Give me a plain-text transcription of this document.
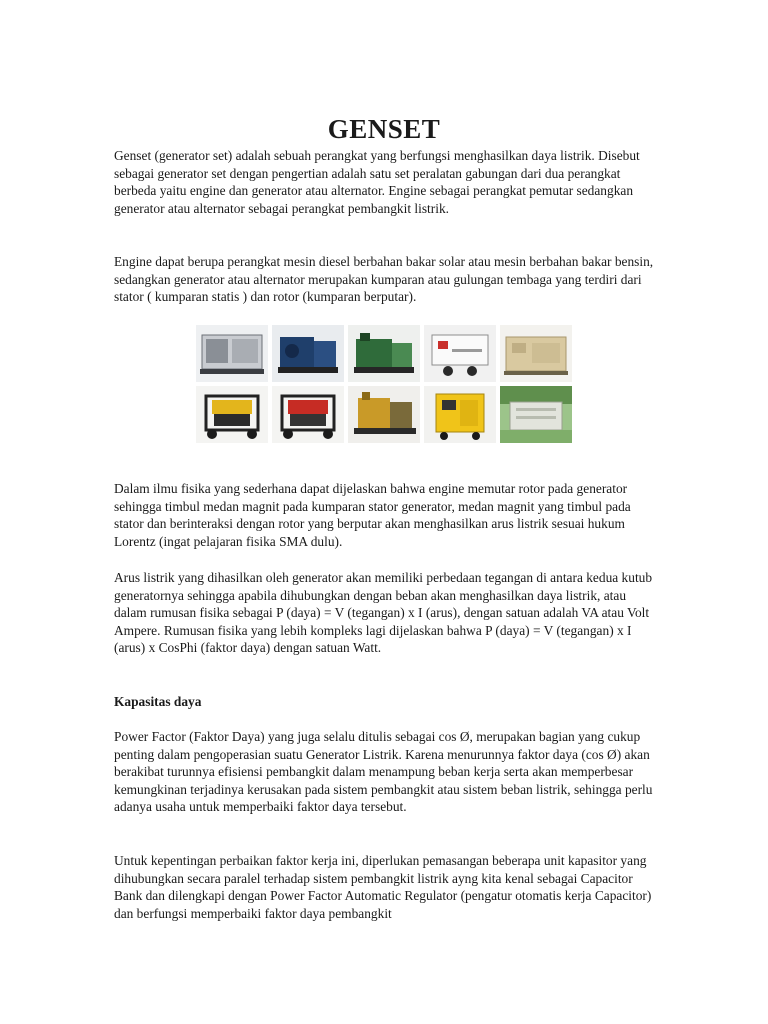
GENSET

Genset (generator set) adalah sebuah perangkat yang berfungsi menghasilkan daya listrik. Disebut sebagai generator set dengan pengertian adalah satu set peralatan gabungan dari dua perangkat berbeda yaitu engine dan generator atau alternator. Engine sebagai perangkat pemutar sedangkan generator atau alternator sebagai perangkat pembangkit listrik.

Engine dapat berupa perangkat mesin diesel berbahan bakar solar atau mesin berbahan bakar bensin, sedangkan generator atau alternator merupakan kumparan atau gulungan tembaga yang terdiri dari stator ( kumparan statis ) dan rotor (kumparan berputar).

Dalam ilmu fisika yang sederhana dapat dijelaskan bahwa engine memutar rotor pada generator sehingga timbul medan magnit pada kumparan stator generator, medan magnit yang timbul pada stator dan berinteraksi dengan rotor yang berputar akan menghasilkan arus listrik sesuai hukum Lorentz (ingat pelajaran fisika SMA dulu).

Arus listrik yang dihasilkan oleh generator akan memiliki perbedaan tegangan di antara kedua kutub generatornya sehingga apabila dihubungkan dengan beban akan menghasilkan daya listrik, atau dalam rumusan fisika sebagai P (daya) = V (tegangan) x I (arus), dengan satuan adalah VA atau Volt Ampere. Rumusan fisika yang lebih kompleks lagi dijelaskan bahwa P (daya) = V (tegangan) x I (arus) x CosPhi (faktor daya) dengan satuan Watt.

Kapasitas daya

Power Factor (Faktor Daya) yang juga selalu ditulis sebagai cos Ø, merupakan bagian yang cukup penting dalam pengoperasian suatu Generator Listrik. Karena menurunnya faktor daya (cos Ø) akan berakibat turunnya efisiensi pembangkit dalam menampung beban kerja serta akan memperbesar kemungkinan terjadinya kerusakan pada sistem pembangkit atau sistem beban listrik, sehingga perlu adanya usaha untuk memperbaiki faktor daya tersebut.

Untuk kepentingan perbaikan faktor kerja ini, diperlukan pemasangan beberapa unit kapasitor yang dihubungkan secara paralel terhadap sistem pembangkit listrik ayng kita kenal sebagai Capacitor Bank dan dilengkapi dengan Power Factor Automatic Regulator (pengatur otomatis kerja Capacitor) dan berfungsi memperbaiki faktor daya pembangkit
